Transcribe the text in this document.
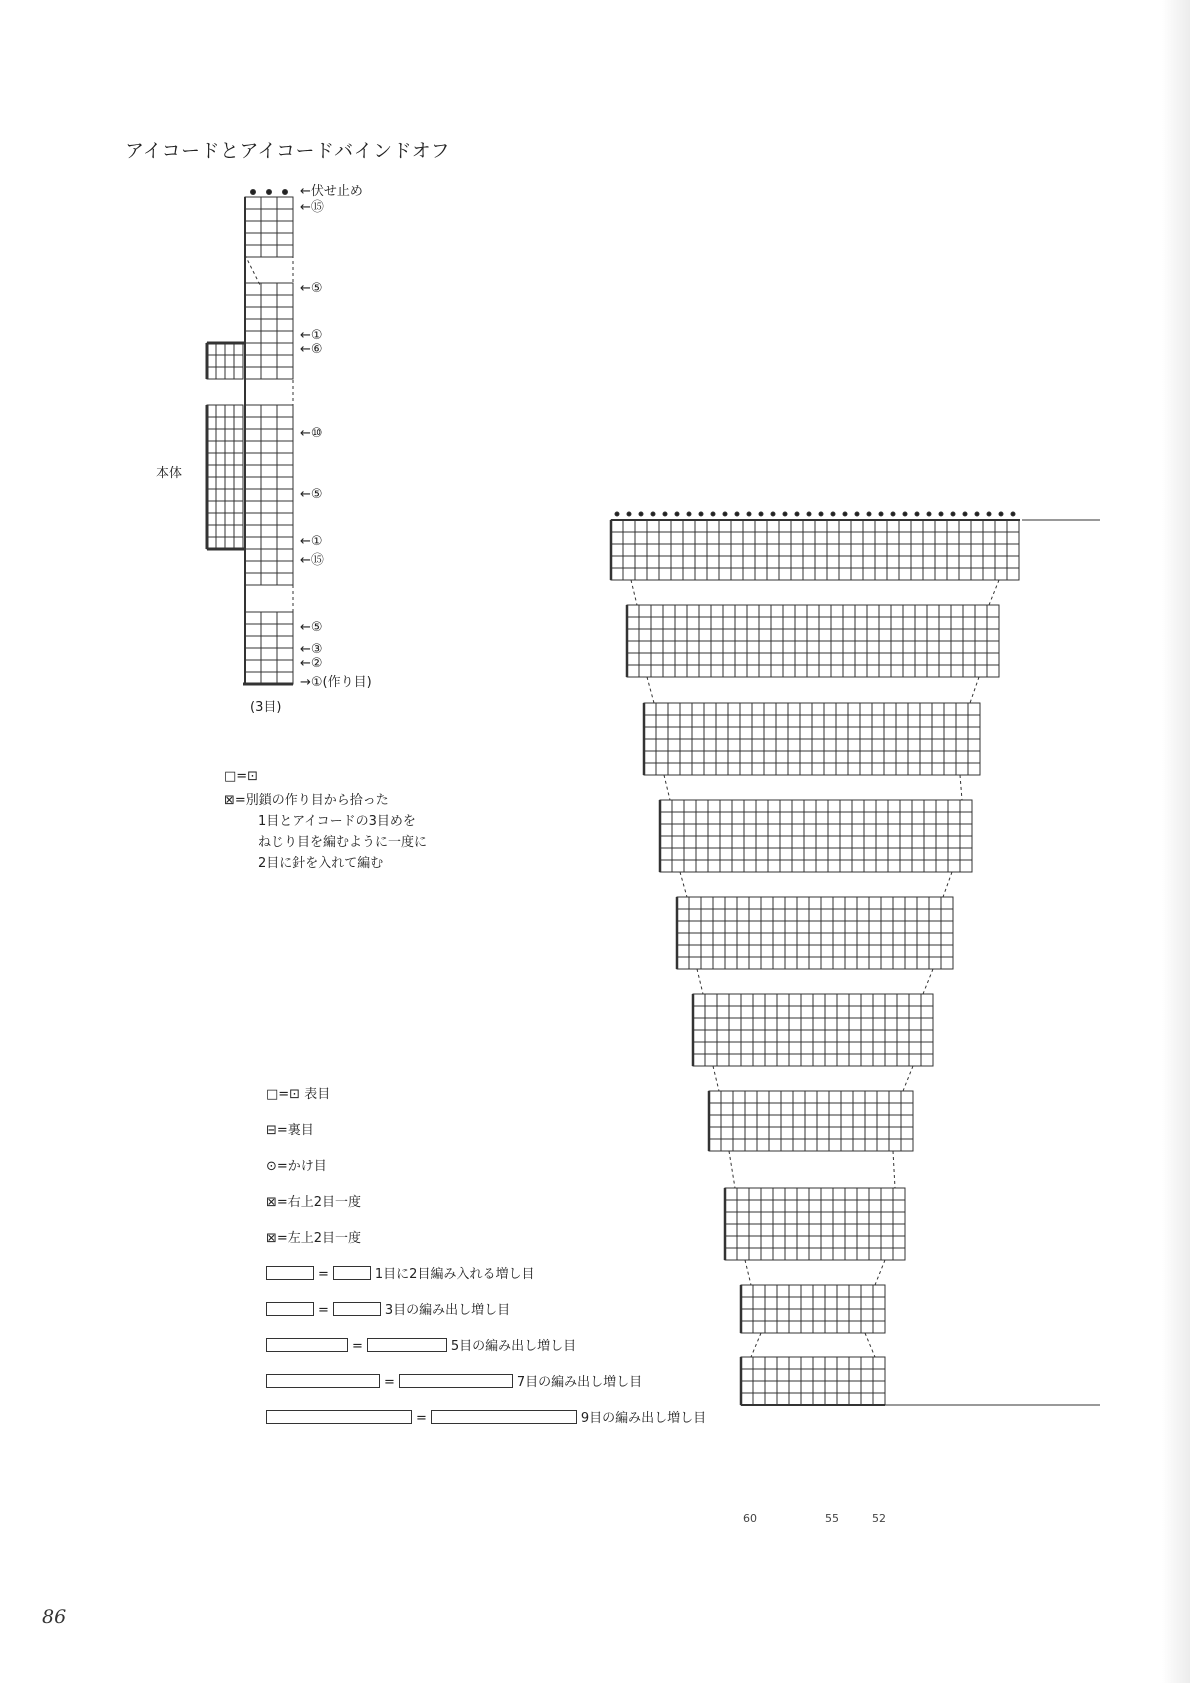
アイコードとアイコードバインドオフ
本体
←伏せ止め
←⑮
←⑤
←①
←⑥
←⑩
←⑤
←①
←⑮
←⑤
←③
←②
→①(作り目)
(3目)
□=⊡
⊠=別鎖の作り目から拾った
1目とアイコードの3目めを
ねじり目を編むように一度に
2目に針を入れて編む
□=⊡ 表目
⊟=裏目
⊙=かけ目
⊠=右上2目一度
⊠=左上2目一度
=	1目に2目編み入れる増し目
=	3目の編み出し増し目
=	5目の編み出し増し目
=	7目の編み出し増し目
=	9目の編み出し増し目
60	55	52
86
